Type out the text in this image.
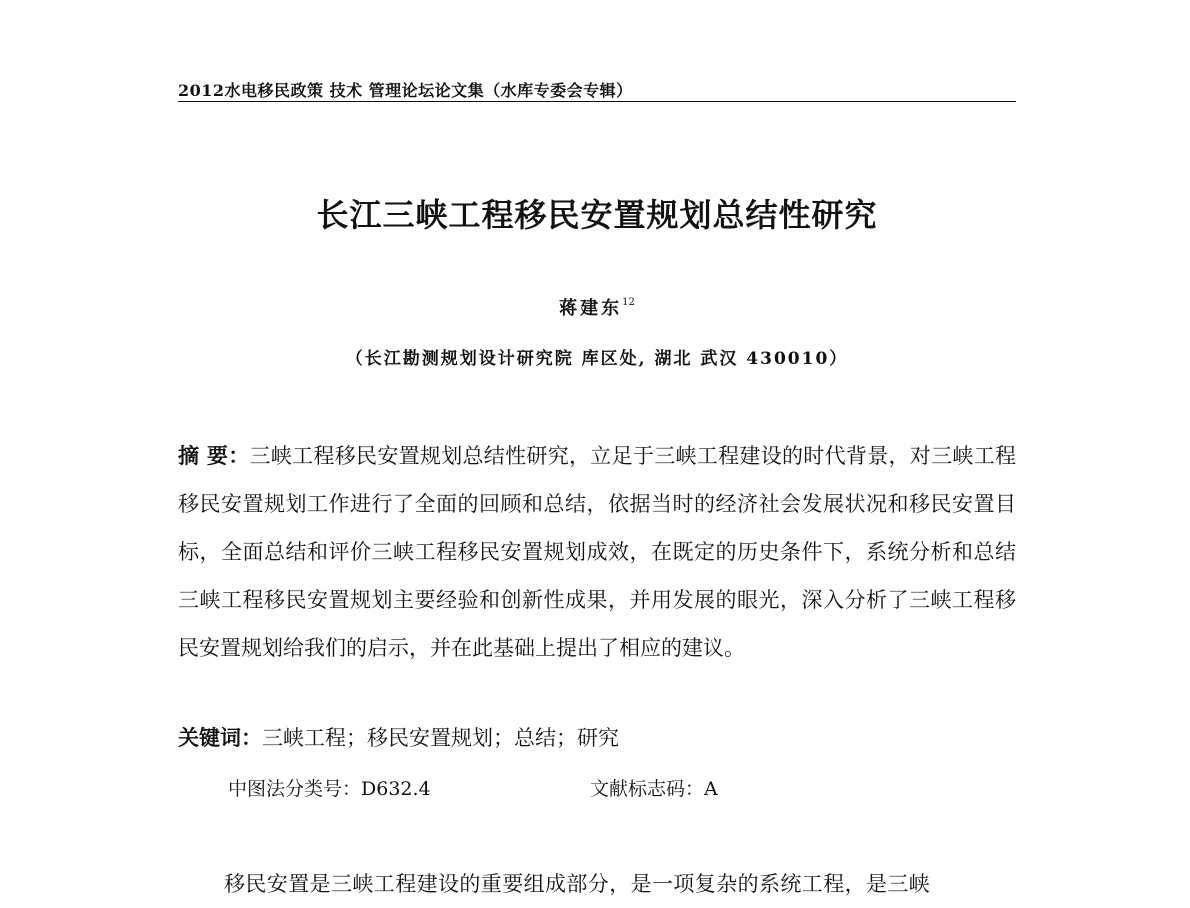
2012水电移民政策 技术 管理论坛论文集（水库专委会专辑）
长江三峡工程移民安置规划总结性研究
蒋建东$^{12}$
（长江勘测规划设计研究院 库区处, 湖北 武汉 430010）
摘 要：三峡工程移民安置规划总结性研究，立足于三峡工程建设的时代背景，对三峡工程移民安置规划工作进行了全面的回顾和总结，依据当时的经济社会发展状况和移民安置目标，全面总结和评价三峡工程移民安置规划成效，在既定的历史条件下，系统分析和总结三峡工程移民安置规划主要经验和创新性成果，并用发展的眼光，深入分析了三峡工程移民安置规划给我们的启示，并在此基础上提出了相应的建议。
关键词：三峡工程；移民安置规划；总结；研究
中图法分类号：D632.4	文献标志码：A
移民安置是三峡工程建设的重要组成部分，是一项复杂的系统工程，是三峡
